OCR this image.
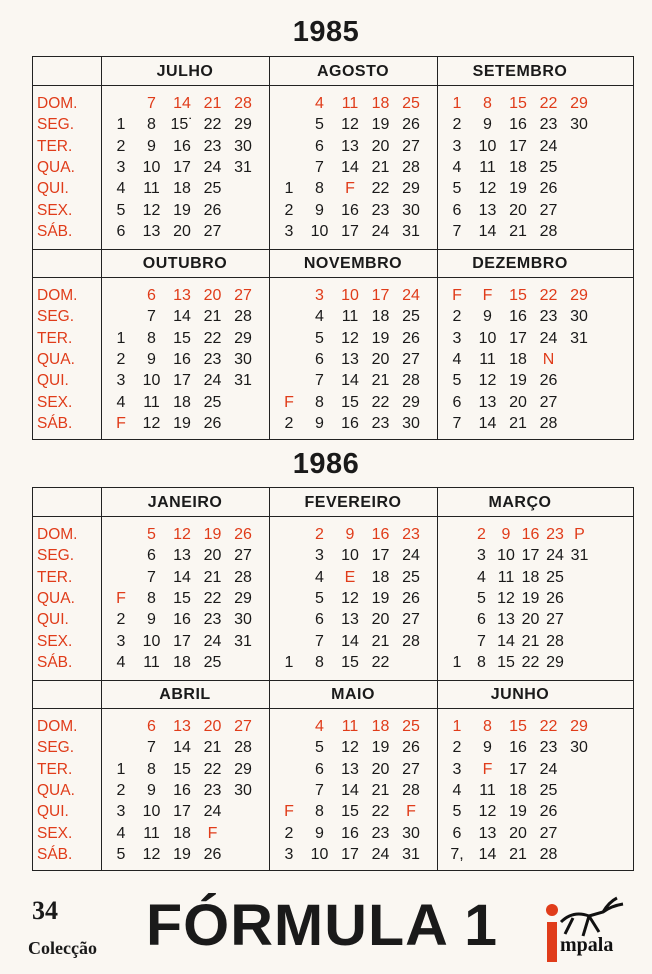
1985
DOM.
SEG.
TER.
QUA.
QUI.
SEX.
SÁB.
JULHO
1
2
3
4
5
6
7
8
9
10
11
12
13
14
15˙
16
17
18
19
20
21
22
23
24
25
26
27
28
29
30
31
AGOSTO
1
2
3
4
5
6
7
8
9
10
11
12
13
14
F
16
17
18
19
20
21
22
23
24
25
26
27
28
29
30
31
SETEMBRO
1
2
3
4
5
6
7
8
9
10
11
12
13
14
15
16
17
18
19
20
21
22
23
24
25
26
27
28
29
30
DOM.
SEG.
TER.
QUA.
QUI.
SEX.
SÁB.
OUTUBRO
1
2
3
4
F
6
7
8
9
10
11
12
13
14
15
16
17
18
19
20
21
22
23
24
25
26
27
28
29
30
31
NOVEMBRO
F
2
3
4
5
6
7
8
9
10
11
12
13
14
15
16
17
18
19
20
21
22
23
24
25
26
27
28
29
30
DEZEMBRO
F
2
3
4
5
6
7
F
9
10
11
12
13
14
15
16
17
18
19
20
21
22
23
24
N
26
27
28
29
30
31
1986
DOM.
SEG.
TER.
QUA.
QUI.
SEX.
SÁB.
JANEIRO
F
2
3
4
5
6
7
8
9
10
11
12
13
14
15
16
17
18
19
20
21
22
23
24
25
26
27
28
29
30
31
FEVEREIRO
1
2
3
4
5
6
7
8
9
10
E
12
13
14
15
16
17
18
19
20
21
22
23
24
25
26
27
28
MARÇO
1
2
3
4
5
6
7
8
9
10
11
12
13
14
15
16
17
18
19
20
21
22
23
24
25
26
27
28
29
P
31
DOM.
SEG.
TER.
QUA.
QUI.
SEX.
SÁB.
ABRIL
1
2
3
4
5
6
7
8
9
10
11
12
13
14
15
16
17
18
19
20
21
22
23
24
F
26
27
28
29
30
MAIO
F
2
3
4
5
6
7
8
9
10
11
12
13
14
15
16
17
18
19
20
21
22
23
24
25
26
27
28
F
30
31
JUNHO
1
2
3
4
5
6
7,
8
9
F
11
12
13
14
15
16
17
18
19
20
21
22
23
24
25
26
27
28
29
30
34
Colecção FÓRMULA 1	mpala
